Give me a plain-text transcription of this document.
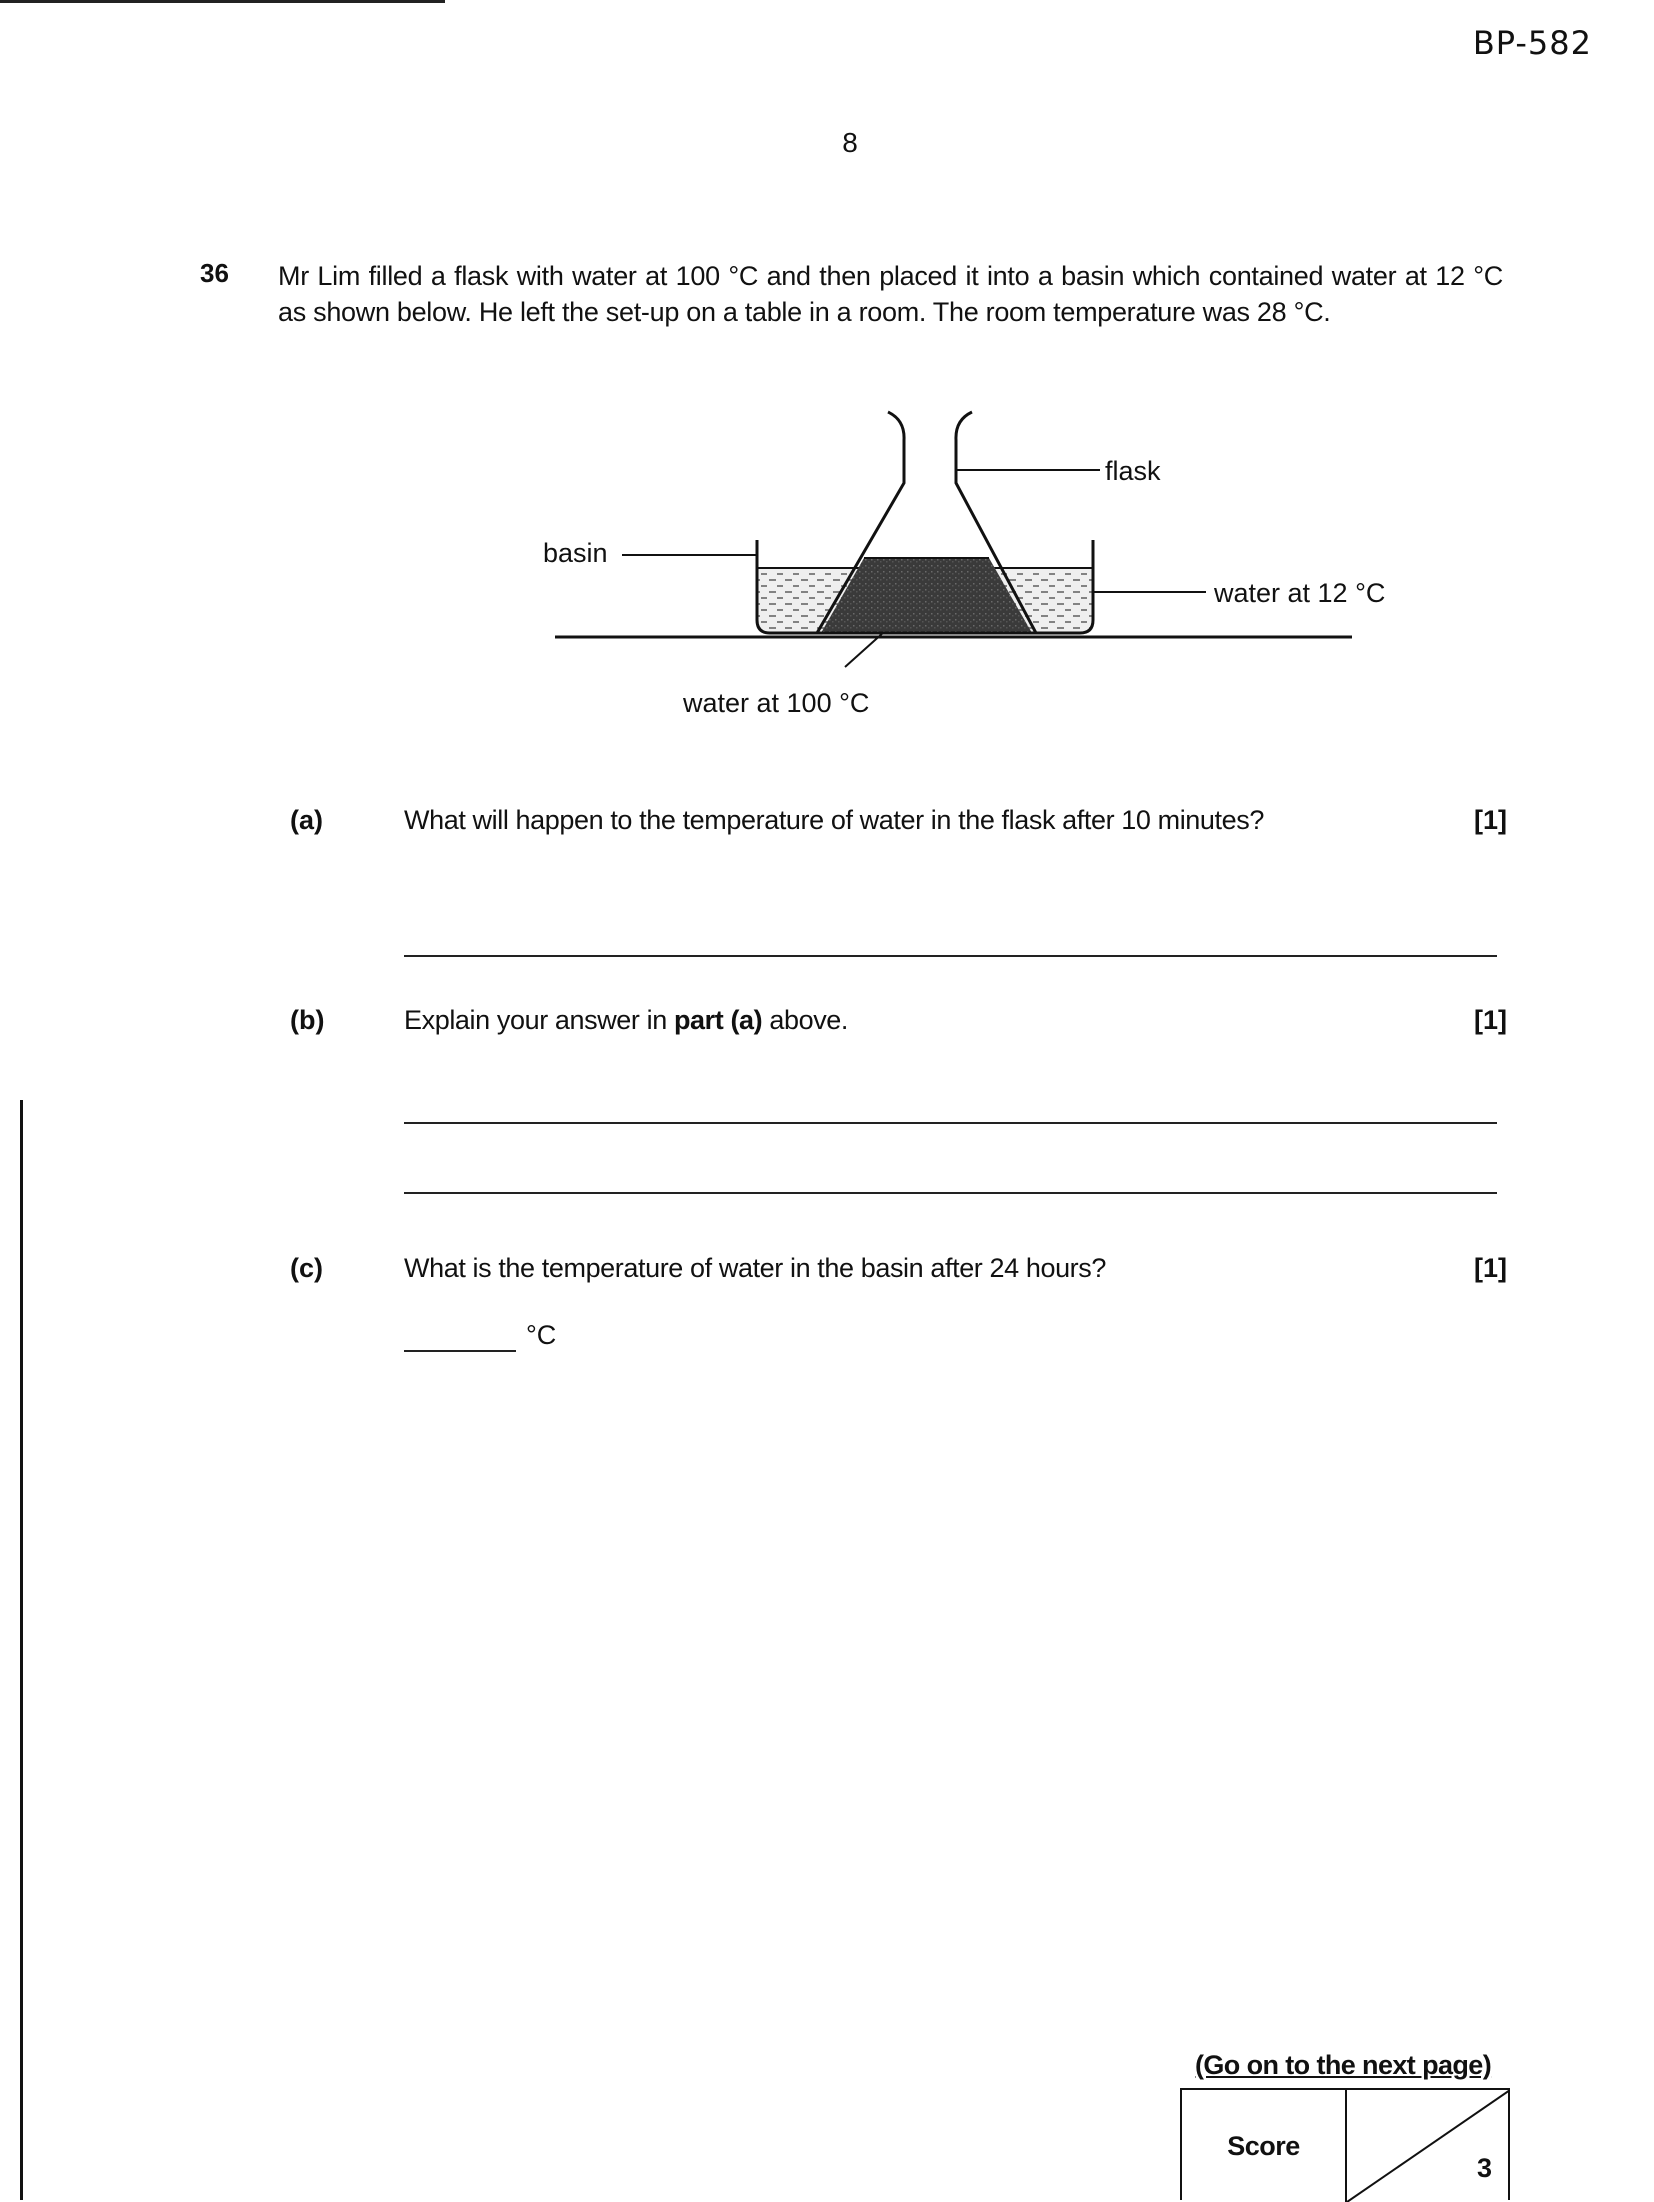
BP-582
8
36 Mr Lim filled a flask with water at 100 °C and then placed it into a basin which contained water at 12 °C as shown below. He left the set-up on a table in a room. The room temperature was 28 °C.
flask
basin
water at 12 °C
water at 100 °C
(a)	What will happen to the temperature of water in the flask after 10 minutes?	[1]
(b)	Explain your answer in part (a) above.	[1]
(c)	What is the temperature of water in the basin after 24 hours?	[1]
°C
(Go on to the next page)
Score
3
